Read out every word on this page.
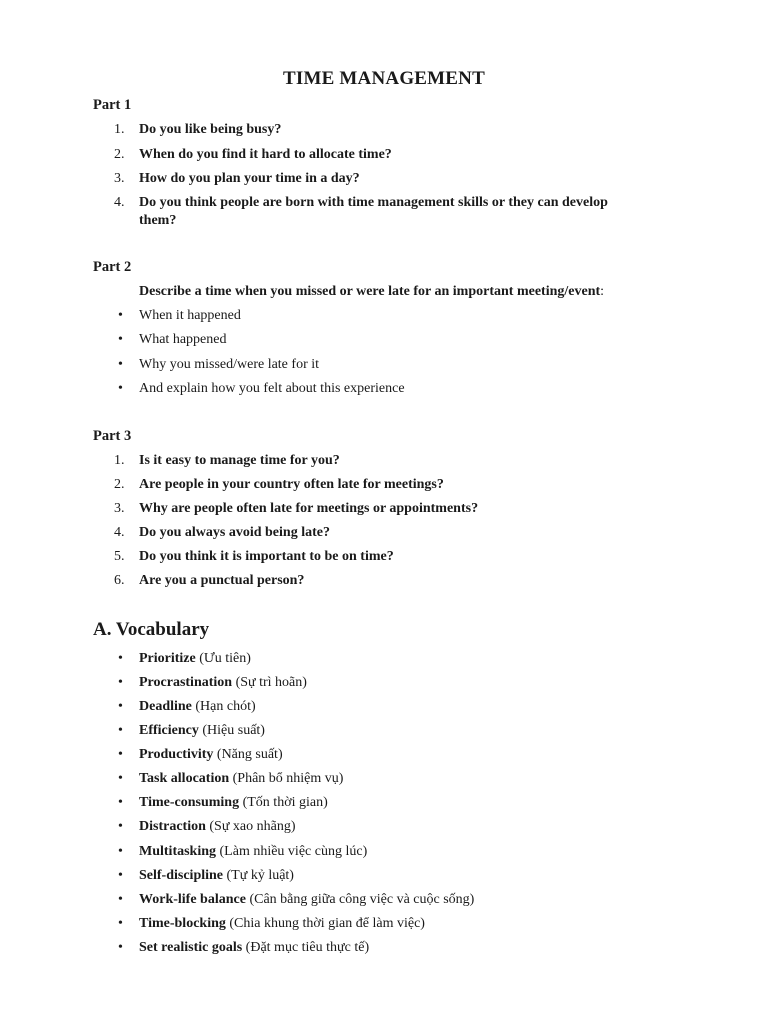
TIME MANAGEMENT
Part 1
1.	Do you like being busy?
2.	When do you find it hard to allocate time?
3.	How do you plan your time in a day?
4.	Do you think people are born with time management skills or they can develop
them?
Part 2
Describe a time when you missed or were late for an important meeting/event:
• When it happened
• What happened
• Why you missed/were late for it
• And explain how you felt about this experience
Part 3
1.	Is it easy to manage time for you?
2.	Are people in your country often late for meetings?
3.	Why are people often late for meetings or appointments?
4.	Do you always avoid being late?
5.	Do you think it is important to be on time?
6.	Are you a punctual person?
A. Vocabulary
• Prioritize (Ưu tiên)
• Procrastination (Sự trì hoãn)
• Deadline (Hạn chót)
• Efficiency (Hiệu suất)
• Productivity (Năng suất)
• Task allocation (Phân bổ nhiệm vụ)
• Time-consuming (Tốn thời gian)
• Distraction (Sự xao nhãng)
• Multitasking (Làm nhiều việc cùng lúc)
• Self-discipline (Tự kỷ luật)
• Work-life balance (Cân bằng giữa công việc và cuộc sống)
• Time-blocking (Chia khung thời gian để làm việc)
• Set realistic goals (Đặt mục tiêu thực tế)
